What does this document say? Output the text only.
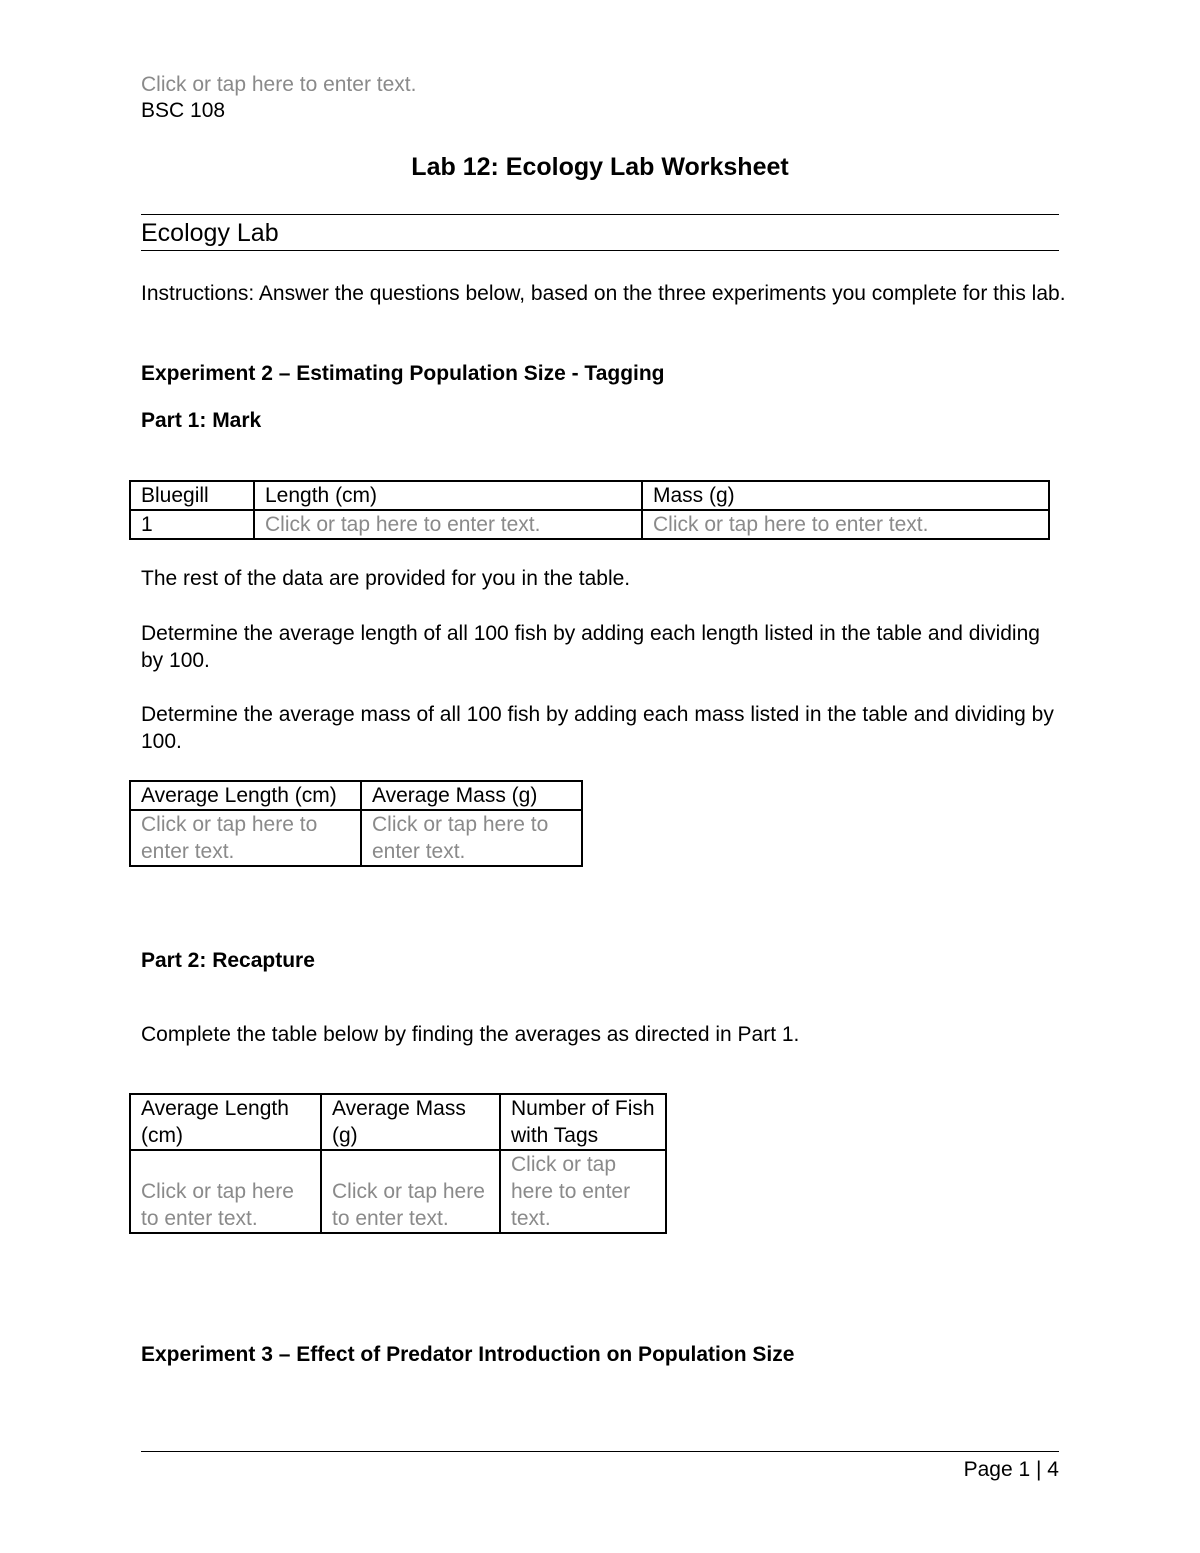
Click or tap here to enter text.
BSC 108
Lab 12: Ecology Lab Worksheet
Ecology Lab
Instructions: Answer the questions below, based on the three experiments you complete for this lab.
Experiment 2 – Estimating Population Size - Tagging
Part 1: Mark
Bluegill	Length (cm)	Mass (g)
1	Click or tap here to enter text.	Click or tap here to enter text.
The rest of the data are provided for you in the table.
Determine the average length of all 100 fish by adding each length listed in the table and dividing by 100.
Determine the average mass of all 100 fish by adding each mass listed in the table and dividing by 100.
Average Length (cm)	Average Mass (g)
Click or tap here to enter text.	Click or tap here to enter text.
Part 2: Recapture
Complete the table below by finding the averages as directed in Part 1.
Average Length (cm)	Average Mass (g)	Number of Fish with Tags
Click or tap here to enter text.	Click or tap here to enter text.	Click or tap here to enter text.
Experiment 3 – Effect of Predator Introduction on Population Size
Page 1 | 4
